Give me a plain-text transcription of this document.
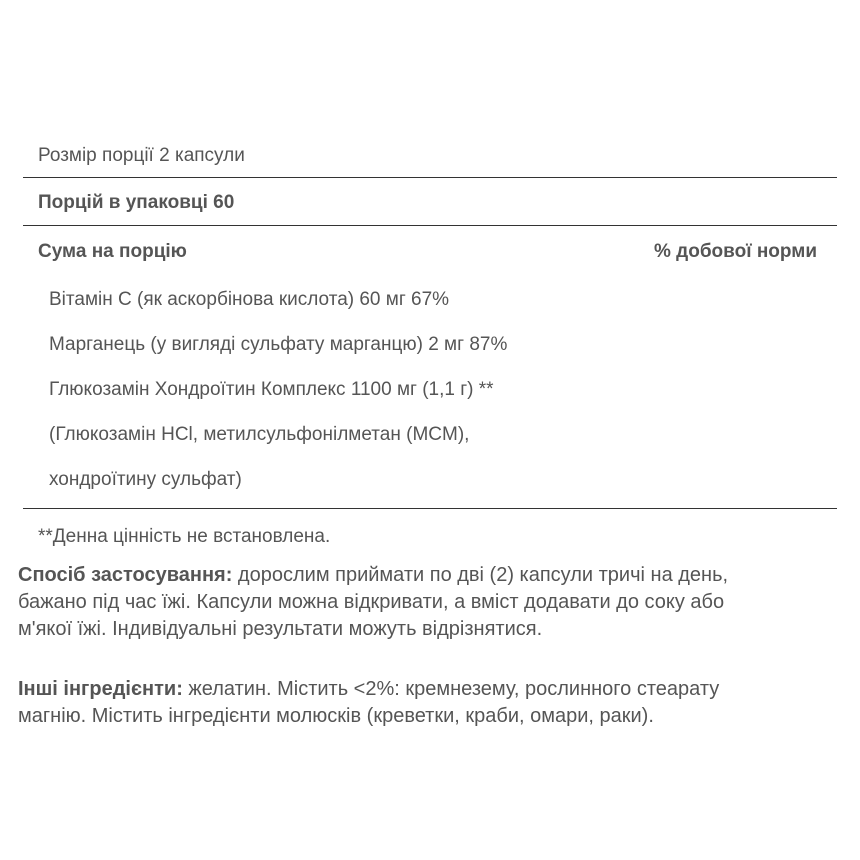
Розмір порції 2 капсули
Порцій в упаковці 60
Сума на порцію	% добової норми
Вітамін С (як аскорбінова кислота) 60 мг 67%
Марганець (у вигляді сульфату марганцю) 2 мг 87%
Глюкозамін Хондроїтин Комплекс 1100 мг (1,1 г) **
(Глюкозамін HCl, метилсульфонілметан (MCM),
хондроїтину сульфат)
**Денна цінність не встановлена.
Спосіб застосування: дорослим приймати по дві (2) капсули тричі на день,
бажано під час їжі. Капсули можна відкривати, а вміст додавати до соку або
м'якої їжі. Індивідуальні результати можуть відрізнятися.
Інші інгредієнти: желатин. Містить <2%: кремнезему, рослинного стеарату
магнію. Містить інгредієнти молюсків (креветки, краби, омари, раки).
